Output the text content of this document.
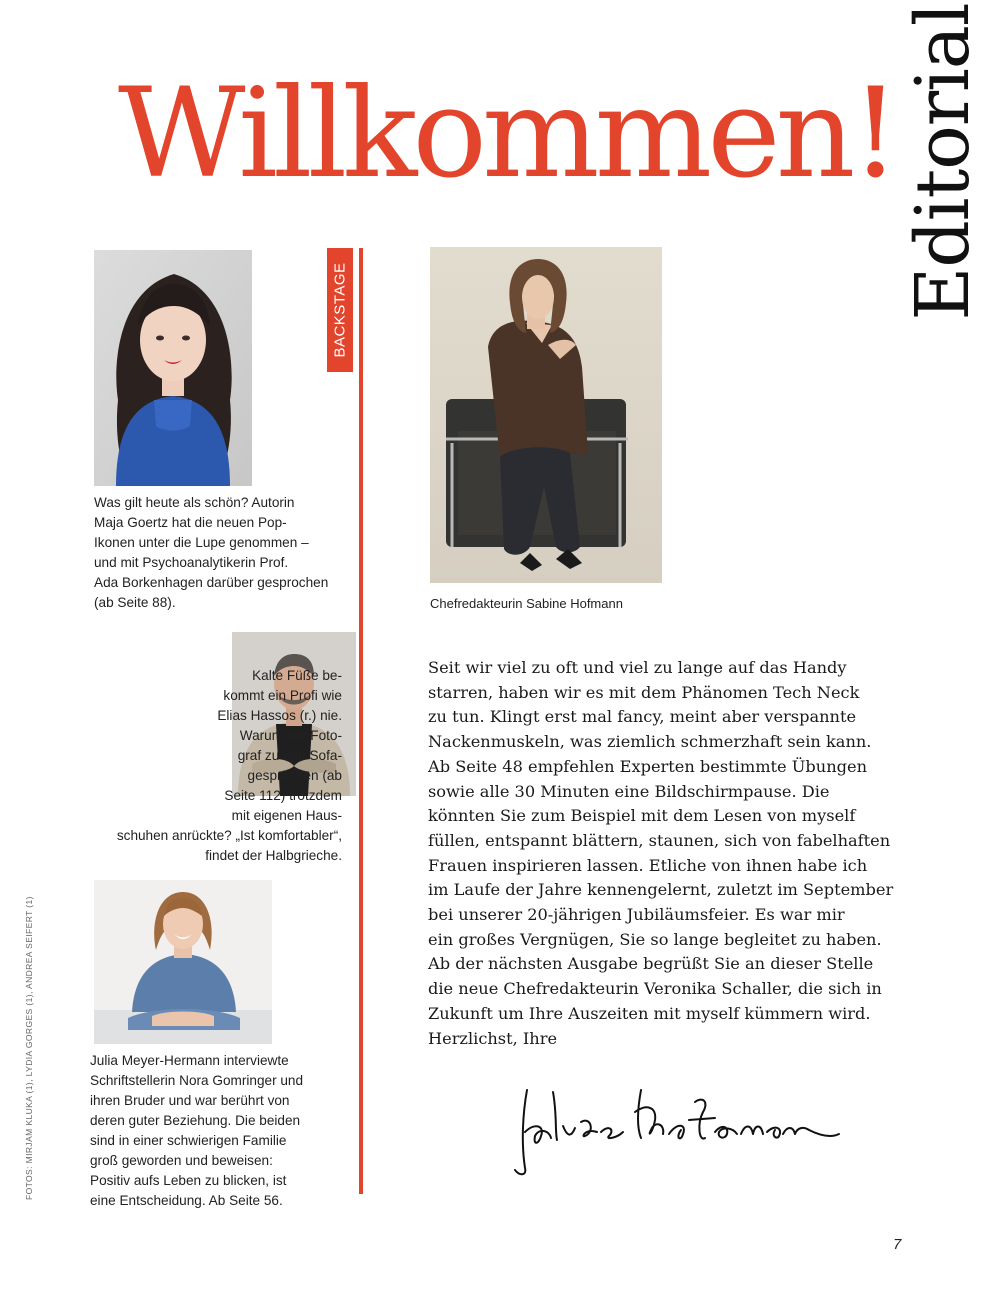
Willkommen! Editorial
BACKSTAGE

Was gilt heute als schön? Autorin
Maja Goertz hat die neuen Pop-
Ikonen unter die Lupe genommen –
und mit Psychoanalytikerin Prof.
Ada Borkenhagen darüber gesprochen
(ab Seite 88).

Kalte Füße be-
kommt ein Profi wie
Elias Hassos (r.) nie.
Warum der Foto-
graf zu den Sofa-
gesprächen (ab
Seite 112) trotzdem
mit eigenen Haus-
schuhen anrückte? „Ist komfortabler“,
findet der Halbgrieche.

Julia Meyer-Hermann interviewte
Schriftstellerin Nora Gomringer und
ihren Bruder und war berührt von
deren guter Beziehung. Die beiden
sind in einer schwierigen Familie
groß geworden und beweisen:
Positiv aufs Leben zu blicken, ist
eine Entscheidung. Ab Seite 56.

FOTOS: MIRJAM KLUKA (1), LYDIA GORGES (1), ANDREA SEIFERT (1)

Chefredakteurin Sabine Hofmann

Seit wir viel zu oft und viel zu lange auf das Handy
starren, haben wir es mit dem Phänomen Tech Neck
zu tun. Klingt erst mal fancy, meint aber verspannte
Nackenmuskeln, was ziemlich schmerzhaft sein kann.
Ab Seite 48 empfehlen Experten bestimmte Übungen
sowie alle 30 Minuten eine Bildschirmpause. Die
könnten Sie zum Beispiel mit dem Lesen von myself
füllen, entspannt blättern, staunen, sich von fabelhaften
Frauen inspirieren lassen. Etliche von ihnen habe ich
im Laufe der Jahre kennengelernt, zuletzt im September
bei unserer 20-jährigen Jubiläumsfeier. Es war mir
ein großes Vergnügen, Sie so lange begleitet zu haben.
Ab der nächsten Ausgabe begrüßt Sie an dieser Stelle
die neue Chefredakteurin Veronika Schaller, die sich in
Zukunft um Ihre Auszeiten mit myself kümmern wird.
Herzlichst, Ihre

7
